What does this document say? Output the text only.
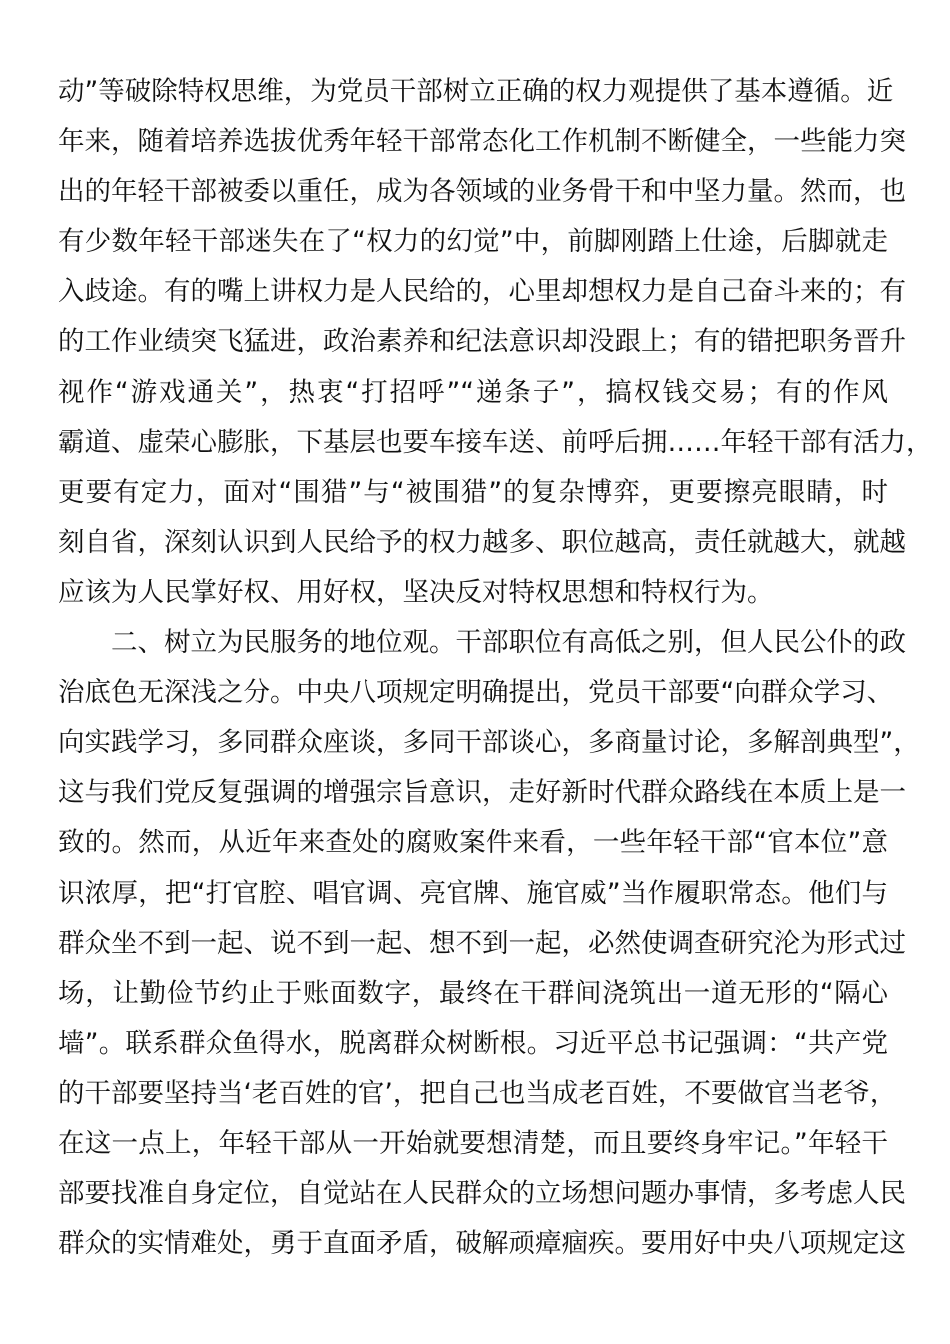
动”等破除特权思维，为党员干部树立正确的权力观提供了基本遵循。近
年来，随着培养选拔优秀年轻干部常态化工作机制不断健全，一些能力突
出的年轻干部被委以重任，成为各领域的业务骨干和中坚力量。然而，也
有少数年轻干部迷失在了“权力的幻觉”中，前脚刚踏上仕途，后脚就走
入歧途。有的嘴上讲权力是人民给的，心里却想权力是自己奋斗来的；有
的工作业绩突飞猛进，政治素养和纪法意识却没跟上；有的错把职务晋升
视作“游戏通关”，热衷“打招呼”“递条子”，搞权钱交易；有的作风
霸道、虚荣心膨胀，下基层也要车接车送、前呼后拥……年轻干部有活力，
更要有定力，面对“围猎”与“被围猎”的复杂博弈，更要擦亮眼睛，时
刻自省，深刻认识到人民给予的权力越多、职位越高，责任就越大，就越
应该为人民掌好权、用好权，坚决反对特权思想和特权行为。
二、树立为民服务的地位观。干部职位有高低之别，但人民公仆的政
治底色无深浅之分。中央八项规定明确提出，党员干部要“向群众学习、
向实践学习，多同群众座谈，多同干部谈心，多商量讨论，多解剖典型”，
这与我们党反复强调的增强宗旨意识，走好新时代群众路线在本质上是一
致的。然而，从近年来查处的腐败案件来看，一些年轻干部“官本位”意
识浓厚，把“打官腔、唱官调、亮官牌、施官威”当作履职常态。他们与
群众坐不到一起、说不到一起、想不到一起，必然使调查研究沦为形式过
场，让勤俭节约止于账面数字，最终在干群间浇筑出一道无形的“隔心
墙”。联系群众鱼得水，脱离群众树断根。习近平总书记强调：“共产党
的干部要坚持当‘老百姓的官’，把自己也当成老百姓，不要做官当老爷，
在这一点上，年轻干部从一开始就要想清楚，而且要终身牢记。”年轻干
部要找准自身定位，自觉站在人民群众的立场想问题办事情，多考虑人民
群众的实情难处，勇于直面矛盾，破解顽瘴痼疾。要用好中央八项规定这
